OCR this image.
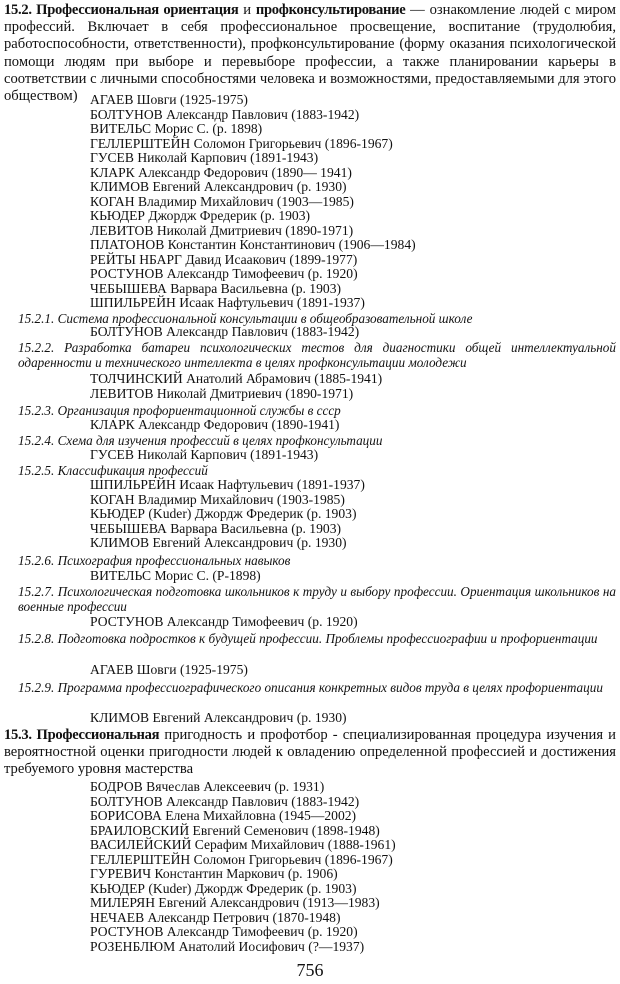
15.2. Профессиональная ориентация и профконсультирование — ознакомление людей с миром профессий. Включает в себя профессиональное просвещение, воспитание (трудолюбия, работоспособности, ответственности), профконсультирование (форму оказания психологической помощи людям при выборе и перевыборе профессии, а также планировании карьеры в соответствии с личными способностями человека и возможностями, предоставляемыми для этого обществом) АГАЕВ Шовги (1925-1975)
БОЛТУНОВ Александр Павлович (1883-1942)
ВИТЕЛЬС Морис С. (р. 1898)
ГЕЛЛЕРШТЕЙН Соломон Григорьевич (1896-1967)
ГУСЕВ Николай Карпович (1891-1943)
КЛАРК Александр Федорович (1890— 1941)
КЛИМОВ Евгений Александрович (р. 1930)
КОГАН Владимир Михайлович (1903—1985)
КЬЮДЕР Джордж Фредерик (р. 1903)
ЛЕВИТОВ Николай Дмитриевич (1890-1971)
ПЛАТОНОВ Константин Константинович (1906—1984)
РЕЙТЫ НБАРГ Давид Исаакович (1899-1977)
РОСТУНОВ Александр Тимофеевич (р. 1920)
ЧЕБЫШЕВА Варвара Васильевна (р. 1903)
ШПИЛЬРЕЙН Исаак Нафтульевич (1891-1937)

15.2.1. Система профессиональной консультации в общеобразовательной школе

БОЛТУНОВ Александр Павлович (1883-1942)

15.2.2. Разработка батареи психологических тестов для диагностики общей интеллектуальной одаренности и технического интеллекта в целях профконсультации молодежи

ТОЛЧИНСКИЙ Анатолий Абрамович (1885-1941)
ЛЕВИТОВ Николай Дмитриевич (1890-1971)

15.2.3. Организация профориентационной службы в ссср

КЛАРК Александр Федорович (1890-1941)

15.2.4. Схема для изучения профессий в целях профконсультации

ГУСЕВ Николай Карпович (1891-1943)

15.2.5. Классификация профессий

ШПИЛЬРЕЙН Исаак Нафтульевич (1891-1937)
КОГАН Владимир Михайлович (1903-1985)
КЬЮДЕР (Kuder) Джордж Фредерик (р. 1903)
ЧЕБЫШЕВА Варвара Васильевна (р. 1903)
КЛИМОВ Евгений Александрович (р. 1930)

15.2.6. Психография профессиональных навыков

ВИТЕЛЬС Морис С. (Р-1898)

15.2.7. Психологическая подготовка школьников к труду и выбору профессии. Ориентация школьников на военные профессии

РОСТУНОВ Александр Тимофеевич (р. 1920)

15.2.8. Подготовка подростков к будущей профессии. Проблемы профессиографии и профориентации

АГАЕВ Шовги (1925-1975)

15.2.9. Программа профессиографического описания конкретных видов труда в целях профориентации

КЛИМОВ Евгений Александрович (р. 1930)

15.3. Профессиональная пригодность и профотбор - специализированная процедура изучения и вероятностной оценки пригодности людей к овладению определенной профессией и достижения требуемого уровня мастерства

БОДРОВ Вячеслав Алексеевич (р. 1931)
БОЛТУНОВ Александр Павлович (1883-1942)
БОРИСОВА Елена Михайловна (1945—2002)
БРАИЛОВСКИЙ Евгений Семенович (1898-1948)
ВАСИЛЕЙСКИЙ Серафим Михайлович (1888-1961)
ГЕЛЛЕРШТЕЙН Соломон Григорьевич (1896-1967)
ГУРЕВИЧ Константин Маркович (р. 1906)
КЬЮДЕР (Kuder) Джордж Фредерик (р. 1903)
МИЛЕРЯН Евгений Александрович (1913—1983)
НЕЧАЕВ Александр Петрович (1870-1948)
РОСТУНОВ Александр Тимофеевич (р. 1920)
РОЗЕНБЛЮМ Анатолий Иосифович (?—1937)
756
